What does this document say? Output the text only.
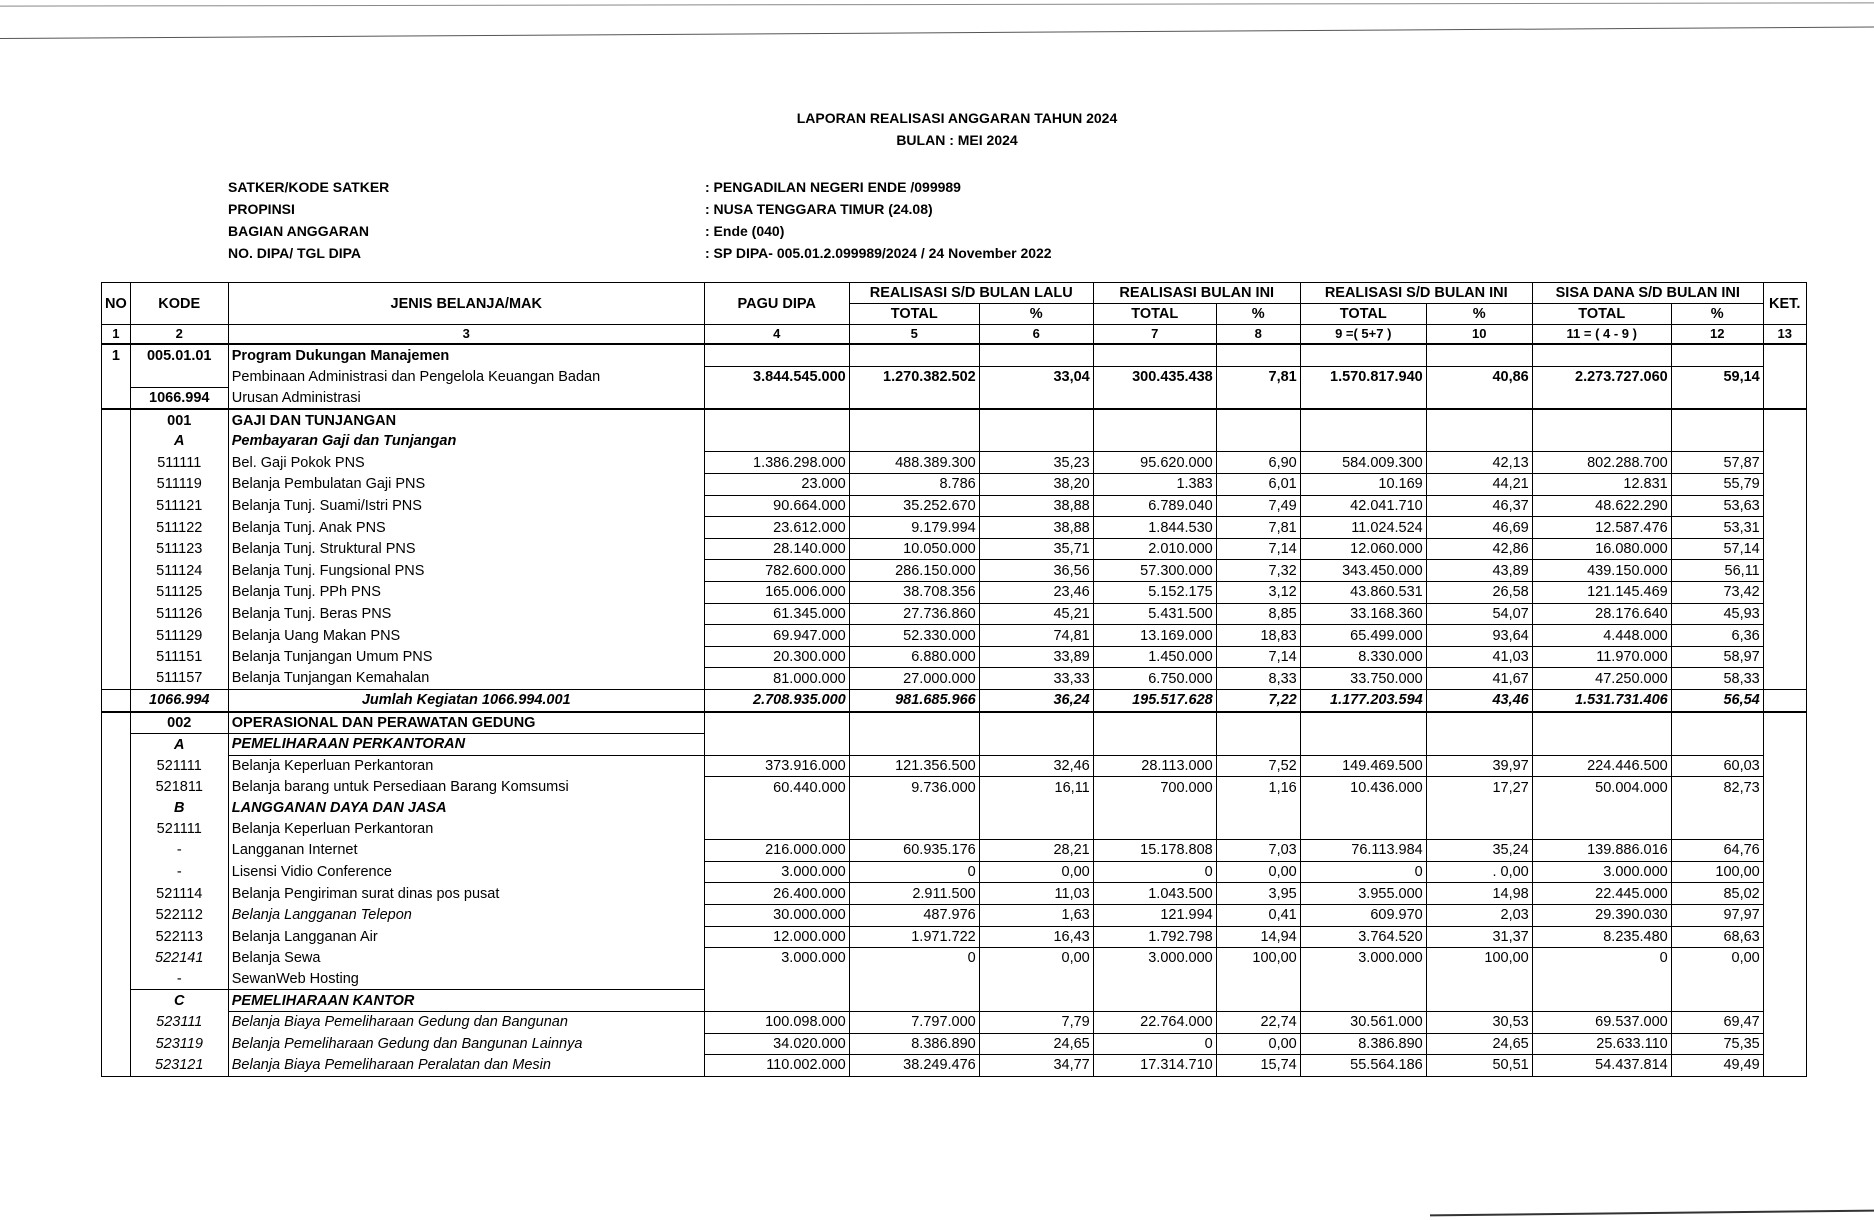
LAPORAN REALISASI ANGGARAN TAHUN 2024
BULAN : MEI 2024
SATKER/KODE SATKER	: PENGADILAN NEGERI ENDE /099989
PROPINSI	: NUSA TENGGARA TIMUR (24.08)
BAGIAN ANGGARAN	: Ende (040)
NO. DIPA/ TGL DIPA	: SP DIPA- 005.01.2.099989/2024 / 24 November 2022
NO	KODE	JENIS BELANJA/MAK	PAGU DIPA	REALISASI S/D BULAN LALU		REALISASI BULAN INI		REALISASI S/D BULAN INI		SISA DANA S/D BULAN INI		KET.
				TOTAL	%	TOTAL	%	TOTAL	%	TOTAL	%	
1	2	3	4	5	6	7	8	9 =( 5+7 )	10	11 = ( 4 - 9 )	12	13
1	005.01.01	Program Dukungan Manajemen										
		Pembinaan Administrasi dan Pengelola Keuangan Badan	3.844.545.000	1.270.382.502	33,04	300.435.438	7,81	1.570.817.940	40,86	2.273.727.060	59,14	
	1066.994	Urusan Administrasi										
	001	GAJI DAN TUNJANGAN										
	A	Pembayaran Gaji dan Tunjangan										
	511111	Bel. Gaji Pokok PNS	1.386.298.000	488.389.300	35,23	95.620.000	6,90	584.009.300	42,13	802.288.700	57,87	
	511119	Belanja Pembulatan Gaji PNS	23.000	8.786	38,20	1.383	6,01	10.169	44,21	12.831	55,79	
	511121	Belanja Tunj. Suami/Istri PNS	90.664.000	35.252.670	38,88	6.789.040	7,49	42.041.710	46,37	48.622.290	53,63	
	511122	Belanja Tunj. Anak PNS	23.612.000	9.179.994	38,88	1.844.530	7,81	11.024.524	46,69	12.587.476	53,31	
	511123	Belanja Tunj. Struktural PNS	28.140.000	10.050.000	35,71	2.010.000	7,14	12.060.000	42,86	16.080.000	57,14	
	511124	Belanja Tunj. Fungsional PNS	782.600.000	286.150.000	36,56	57.300.000	7,32	343.450.000	43,89	439.150.000	56,11	
	511125	Belanja Tunj. PPh PNS	165.006.000	38.708.356	23,46	5.152.175	3,12	43.860.531	26,58	121.145.469	73,42	
	511126	Belanja Tunj. Beras PNS	61.345.000	27.736.860	45,21	5.431.500	8,85	33.168.360	54,07	28.176.640	45,93	
	511129	Belanja Uang Makan PNS	69.947.000	52.330.000	74,81	13.169.000	18,83	65.499.000	93,64	4.448.000	6,36	
	511151	Belanja Tunjangan Umum PNS	20.300.000	6.880.000	33,89	1.450.000	7,14	8.330.000	41,03	11.970.000	58,97	
	511157	Belanja Tunjangan Kemahalan	81.000.000	27.000.000	33,33	6.750.000	8,33	33.750.000	41,67	47.250.000	58,33	
	1066.994	Jumlah Kegiatan 1066.994.001	2.708.935.000	981.685.966	36,24	195.517.628	7,22	1.177.203.594	43,46	1.531.731.406	56,54	
	002	OPERASIONAL DAN PERAWATAN GEDUNG										
	A	PEMELIHARAAN PERKANTORAN										
	521111	Belanja Keperluan Perkantoran	373.916.000	121.356.500	32,46	28.113.000	7,52	149.469.500	39,97	224.446.500	60,03	
	521811	Belanja barang untuk Persediaan Barang Komsumsi	60.440.000	9.736.000	16,11	700.000	1,16	10.436.000	17,27	50.004.000	82,73	
	B	LANGGANAN DAYA DAN JASA										
	521111	Belanja Keperluan Perkantoran										
	-	Langganan Internet	216.000.000	60.935.176	28,21	15.178.808	7,03	76.113.984	35,24	139.886.016	64,76	
	-	Lisensi Vidio Conference	3.000.000	0	0,00	0	0,00	0	. 0,00	3.000.000	100,00	
	521114	Belanja Pengiriman surat dinas pos pusat	26.400.000	2.911.500	11,03	1.043.500	3,95	3.955.000	14,98	22.445.000	85,02	
	522112	Belanja Langganan Telepon	30.000.000	487.976	1,63	121.994	0,41	609.970	2,03	29.390.030	97,97	
	522113	Belanja Langganan Air	12.000.000	1.971.722	16,43	1.792.798	14,94	3.764.520	31,37	8.235.480	68,63	
	522141	Belanja Sewa	3.000.000	0	0,00	3.000.000	100,00	3.000.000	100,00	0	0,00	
	-	SewanWeb Hosting										
	C	PEMELIHARAAN KANTOR										
	523111	Belanja Biaya Pemeliharaan Gedung dan Bangunan	100.098.000	7.797.000	7,79	22.764.000	22,74	30.561.000	30,53	69.537.000	69,47	
	523119	Belanja Pemeliharaan Gedung dan Bangunan Lainnya	34.020.000	8.386.890	24,65	0	0,00	8.386.890	24,65	25.633.110	75,35	
	523121	Belanja Biaya Pemeliharaan Peralatan dan Mesin	110.002.000	38.249.476	34,77	17.314.710	15,74	55.564.186	50,51	54.437.814	49,49	
